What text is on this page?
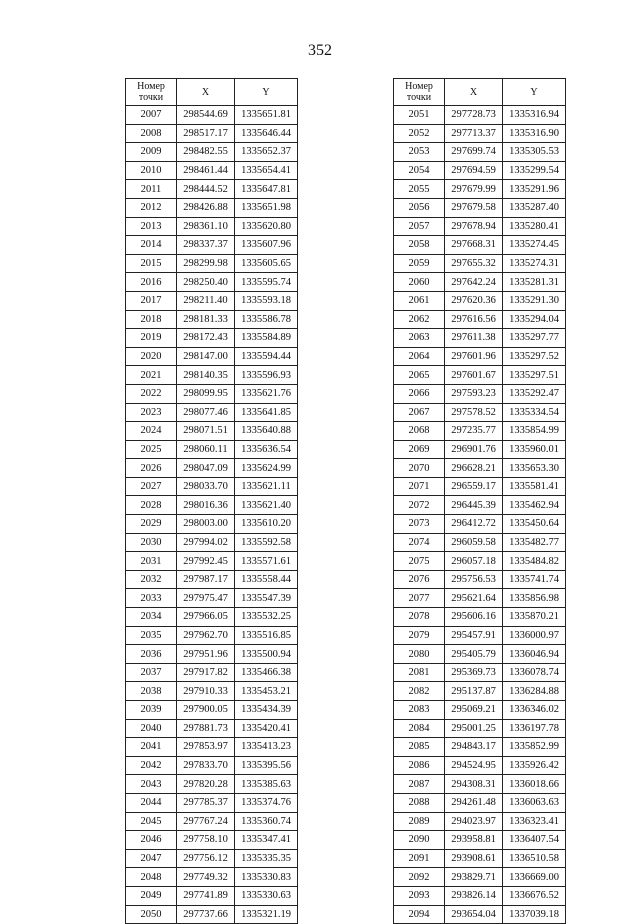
352
Номер
точки	X	Y
2007	298544.69	1335651.81
2008	298517.17	1335646.44
2009	298482.55	1335652.37
2010	298461.44	1335654.41
2011	298444.52	1335647.81
2012	298426.88	1335651.98
2013	298361.10	1335620.80
2014	298337.37	1335607.96
2015	298299.98	1335605.65
2016	298250.40	1335595.74
2017	298211.40	1335593.18
2018	298181.33	1335586.78
2019	298172.43	1335584.89
2020	298147.00	1335594.44
2021	298140.35	1335596.93
2022	298099.95	1335621.76
2023	298077.46	1335641.85
2024	298071.51	1335640.88
2025	298060.11	1335636.54
2026	298047.09	1335624.99
2027	298033.70	1335621.11
2028	298016.36	1335621.40
2029	298003.00	1335610.20
2030	297994.02	1335592.58
2031	297992.45	1335571.61
2032	297987.17	1335558.44
2033	297975.47	1335547.39
2034	297966.05	1335532.25
2035	297962.70	1335516.85
2036	297951.96	1335500.94
2037	297917.82	1335466.38
2038	297910.33	1335453.21
2039	297900.05	1335434.39
2040	297881.73	1335420.41
2041	297853.97	1335413.23
2042	297833.70	1335395.56
2043	297820.28	1335385.63
2044	297785.37	1335374.76
2045	297767.24	1335360.74
2046	297758.10	1335347.41
2047	297756.12	1335335.35
2048	297749.32	1335330.83
2049	297741.89	1335330.63
2050	297737.66	1335321.19
Номер
точки	X	Y
2051	297728.73	1335316.94
2052	297713.37	1335316.90
2053	297699.74	1335305.53
2054	297694.59	1335299.54
2055	297679.99	1335291.96
2056	297679.58	1335287.40
2057	297678.94	1335280.41
2058	297668.31	1335274.45
2059	297655.32	1335274.31
2060	297642.24	1335281.31
2061	297620.36	1335291.30
2062	297616.56	1335294.04
2063	297611.38	1335297.77
2064	297601.96	1335297.52
2065	297601.67	1335297.51
2066	297593.23	1335292.47
2067	297578.52	1335334.54
2068	297235.77	1335854.99
2069	296901.76	1335960.01
2070	296628.21	1335653.30
2071	296559.17	1335581.41
2072	296445.39	1335462.94
2073	296412.72	1335450.64
2074	296059.58	1335482.77
2075	296057.18	1335484.82
2076	295756.53	1335741.74
2077	295621.64	1335856.98
2078	295606.16	1335870.21
2079	295457.91	1336000.97
2080	295405.79	1336046.94
2081	295369.73	1336078.74
2082	295137.87	1336284.88
2083	295069.21	1336346.02
2084	295001.25	1336197.78
2085	294843.17	1335852.99
2086	294524.95	1335926.42
2087	294308.31	1336018.66
2088	294261.48	1336063.63
2089	294023.97	1336323.41
2090	293958.81	1336407.54
2091	293908.61	1336510.58
2092	293829.71	1336669.00
2093	293826.14	1336676.52
2094	293654.04	1337039.18
